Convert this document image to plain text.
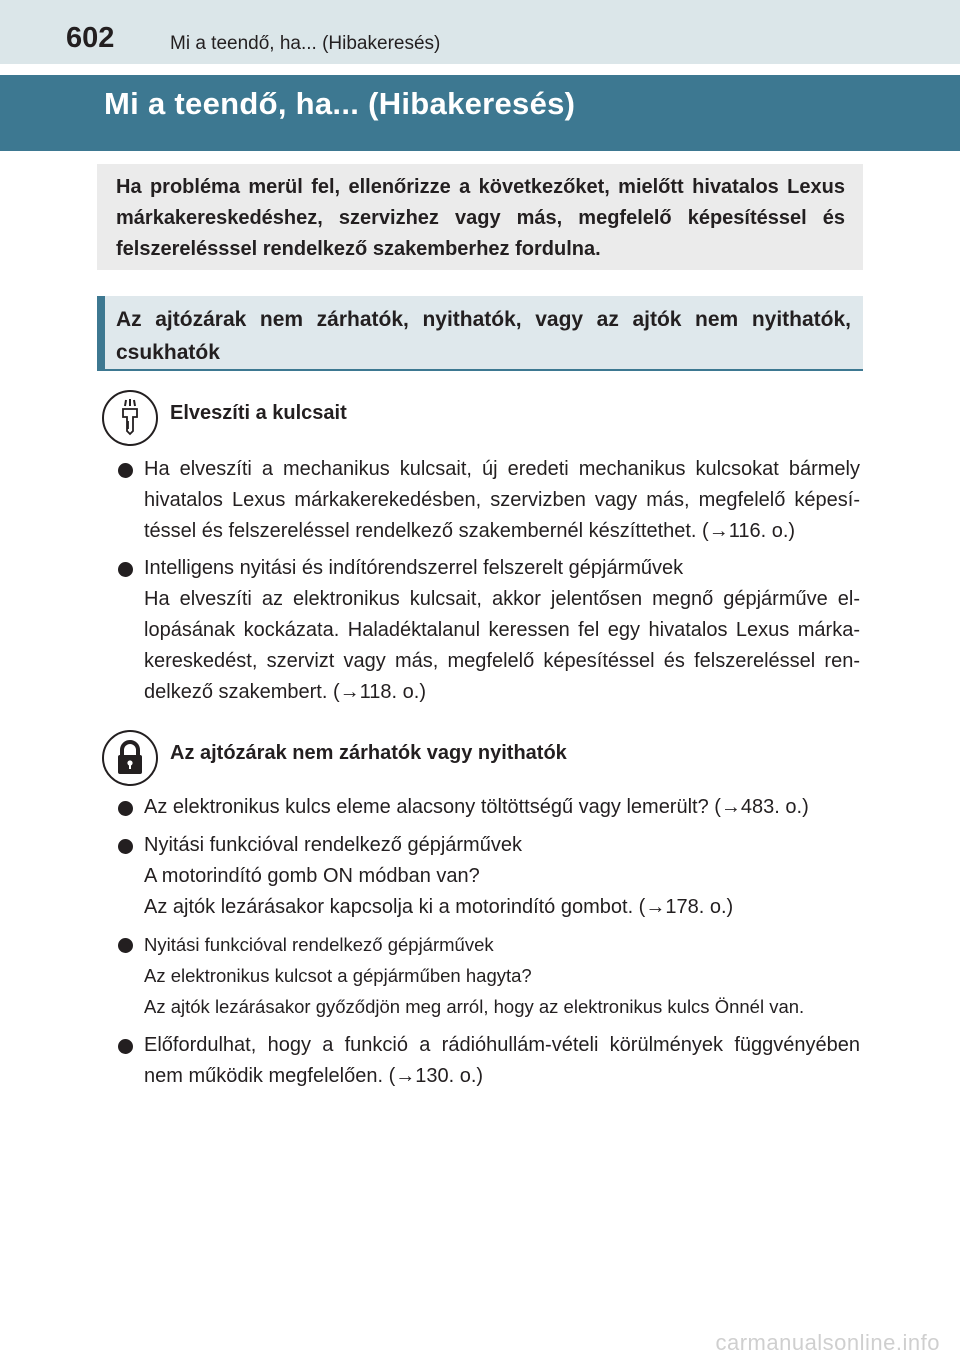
602	Mi a teendő, ha... (Hibakeresés)
Mi a teendő, ha... (Hibakeresés)
Ha probléma merül fel, ellenőrizze a következőket, mielőtt hivatalos Lexus márkakereskedéshez, szervizhez vagy más, megfelelő képesítéssel és felszerelésssel rendelkező szakemberhez fordulna.
Az ajtózárak nem zárhatók, nyithatók, vagy az ajtók nem nyithatók, csukhatók
Elveszíti a kulcsait
Ha elveszíti a mechanikus kulcsait, új eredeti mechanikus kulcsokat bármely
hivatalos Lexus márkakerekedésben, szervizben vagy más, megfelelő képesí-
téssel és felszereléssel rendelkező szakembernél készíttethet. (→116. o.)
Intelligens nyitási és indítórendszerrel felszerelt gépjárművek
Ha elveszíti az elektronikus kulcsait, akkor jelentősen megnő gépjárműve el-
lopásának kockázata. Haladéktalanul keressen fel egy hivatalos Lexus márka-
kereskedést, szervizt vagy más, megfelelő képesítéssel és felszereléssel ren-
delkező szakembert. (→118. o.)
Az ajtózárak nem zárhatók vagy nyithatók
Az elektronikus kulcs eleme alacsony töltöttségű vagy lemerült? (→483. o.)
Nyitási funkcióval rendelkező gépjárművek
A motorindító gomb ON módban van?
Az ajtók lezárásakor kapcsolja ki a motorindító gombot. (→178. o.)
Nyitási funkcióval rendelkező gépjárművek
Az elektronikus kulcsot a gépjárműben hagyta?
Az ajtók lezárásakor győződjön meg arról, hogy az elektronikus kulcs Önnél van.
Előfordulhat, hogy a funkció a rádióhullám-vételi körülmények függvényében
nem működik megfelelően. (→130. o.)
carmanualsonline.info
